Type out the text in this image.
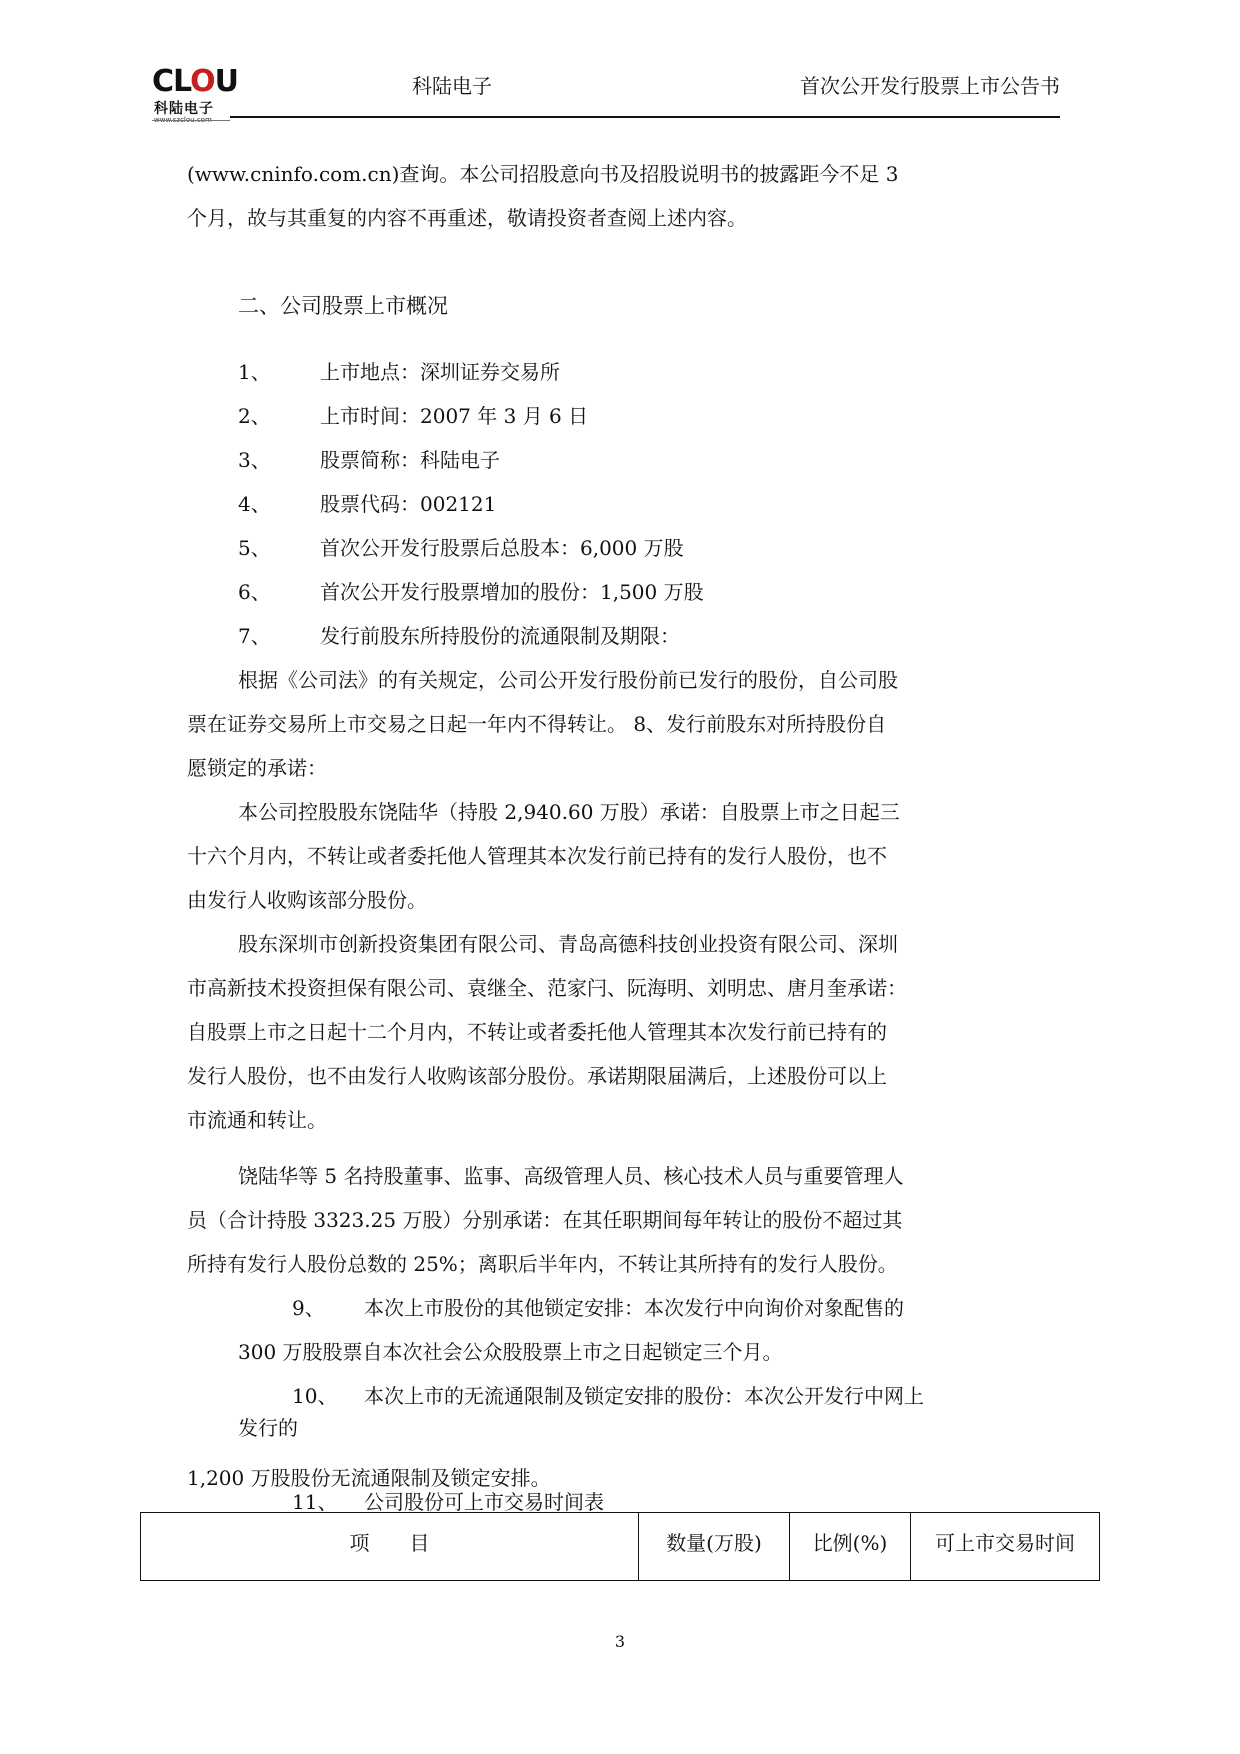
CLOU
科陆电子
www.szclou.com
科陆电子	首次公开发行股票上市公告书
(www.cninfo.com.cn)查询。本公司招股意向书及招股说明书的披露距今不足 3
个月，故与其重复的内容不再重述，敬请投资者查阅上述内容。
二、公司股票上市概况
1、 上市地点：深圳证券交易所
2、 上市时间：2007 年 3 月 6 日
3、 股票简称：科陆电子
4、 股票代码：002121
5、 首次公开发行股票后总股本：6,000 万股
6、 首次公开发行股票增加的股份：1,500 万股
7、 发行前股东所持股份的流通限制及期限：
根据《公司法》的有关规定，公司公开发行股份前已发行的股份，自公司股
票在证券交易所上市交易之日起一年内不得转让。 8、发行前股东对所持股份自
愿锁定的承诺：
本公司控股股东饶陆华（持股 2,940.60 万股）承诺：自股票上市之日起三
十六个月内，不转让或者委托他人管理其本次发行前已持有的发行人股份，也不
由发行人收购该部分股份。
股东深圳市创新投资集团有限公司、青岛高德科技创业投资有限公司、深圳
市高新技术投资担保有限公司、袁继全、范家闩、阮海明、刘明忠、唐月奎承诺：
自股票上市之日起十二个月内，不转让或者委托他人管理其本次发行前已持有的
发行人股份，也不由发行人收购该部分股份。承诺期限届满后，上述股份可以上
市流通和转让。
饶陆华等 5 名持股董事、监事、高级管理人员、核心技术人员与重要管理人
员（合计持股 3323.25 万股）分别承诺：在其任职期间每年转让的股份不超过其
所持有发行人股份总数的 25%；离职后半年内，不转让其所持有的发行人股份。
9、 本次上市股份的其他锁定安排：本次发行中向询价对象配售的
300 万股股票自本次社会公众股股票上市之日起锁定三个月。
10、 本次上市的无流通限制及锁定安排的股份：本次公开发行中网上
发行的
1,200 万股股份无流通限制及锁定安排。
11、 公司股份可上市交易时间表
项　　目	数量(万股)	比例(%)	可上市交易时间
3
